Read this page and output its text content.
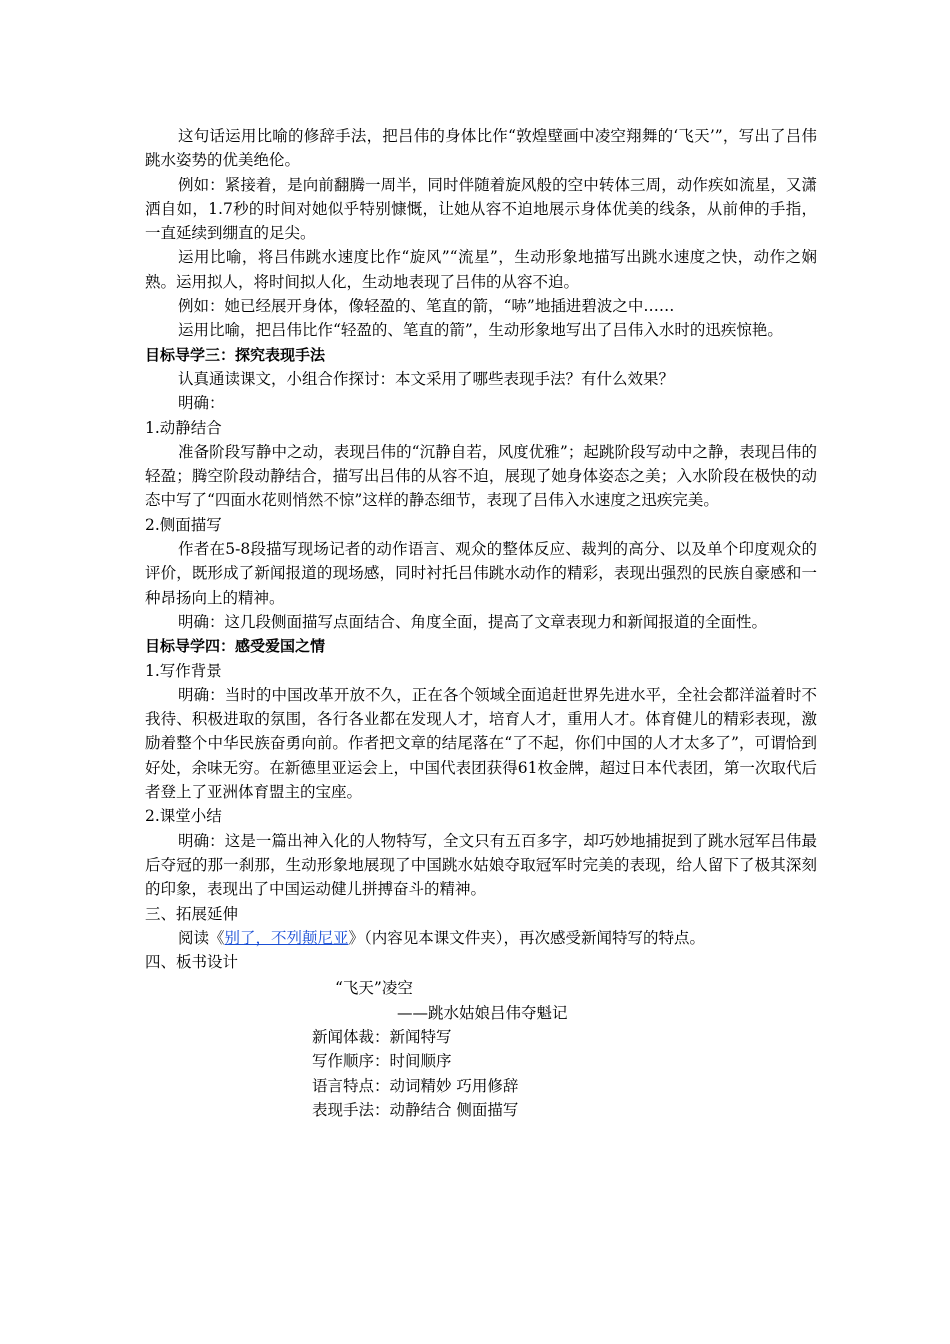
这句话运用比喻的修辞手法，把吕伟的身体比作“敦煌壁画中凌空翔舞的‘飞天’”，写出了吕伟跳水姿势的优美绝伦。

例如：紧接着，是向前翻腾一周半，同时伴随着旋风般的空中转体三周，动作疾如流星，又潇洒自如，1.7秒的时间对她似乎特别慷慨，让她从容不迫地展示身体优美的线条，从前伸的手指，一直延续到绷直的足尖。

运用比喻，将吕伟跳水速度比作“旋风”“流星”，生动形象地描写出跳水速度之快，动作之娴熟。运用拟人，将时间拟人化，生动地表现了吕伟的从容不迫。

例如：她已经展开身体，像轻盈的、笔直的箭，“哧”地插进碧波之中……

运用比喻，把吕伟比作“轻盈的、笔直的箭”，生动形象地写出了吕伟入水时的迅疾惊艳。

目标导学三：探究表现手法

认真通读课文，小组合作探讨：本文采用了哪些表现手法？有什么效果？

明确：

1.动静结合

准备阶段写静中之动，表现吕伟的“沉静自若，风度优雅”；起跳阶段写动中之静，表现吕伟的轻盈；腾空阶段动静结合，描写出吕伟的从容不迫，展现了她身体姿态之美；入水阶段在极快的动态中写了“四面水花则悄然不惊”这样的静态细节，表现了吕伟入水速度之迅疾完美。

2.侧面描写

作者在5-8段描写现场记者的动作语言、观众的整体反应、裁判的高分、以及单个印度观众的评价，既形成了新闻报道的现场感，同时衬托吕伟跳水动作的精彩，表现出强烈的民族自豪感和一种昂扬向上的精神。

明确：这几段侧面描写点面结合、角度全面，提高了文章表现力和新闻报道的全面性。

目标导学四：感受爱国之情

1.写作背景

明确：当时的中国改革开放不久，正在各个领域全面追赶世界先进水平，全社会都洋溢着时不我待、积极进取的氛围，各行各业都在发现人才，培育人才，重用人才。体育健儿的精彩表现，激励着整个中华民族奋勇向前。作者把文章的结尾落在“了不起，你们中国的人才太多了”，可谓恰到好处，余味无穷。在新德里亚运会上，中国代表团获得61枚金牌，超过日本代表团，第一次取代后者登上了亚洲体育盟主的宝座。

2.课堂小结

明确：这是一篇出神入化的人物特写，全文只有五百多字，却巧妙地捕捉到了跳水冠军吕伟最后夺冠的那一刹那，生动形象地展现了中国跳水姑娘夺取冠军时完美的表现，给人留下了极其深刻的印象，表现出了中国运动健儿拼搏奋斗的精神。

三、拓展延伸

阅读《别了，不列颠尼亚》（内容见本课文件夹），再次感受新闻特写的特点。

四、板书设计

“飞天”凌空
——跳水姑娘吕伟夺魁记
新闻体裁：新闻特写
写作顺序：时间顺序
语言特点：动词精妙 巧用修辞
表现手法：动静结合 侧面描写
